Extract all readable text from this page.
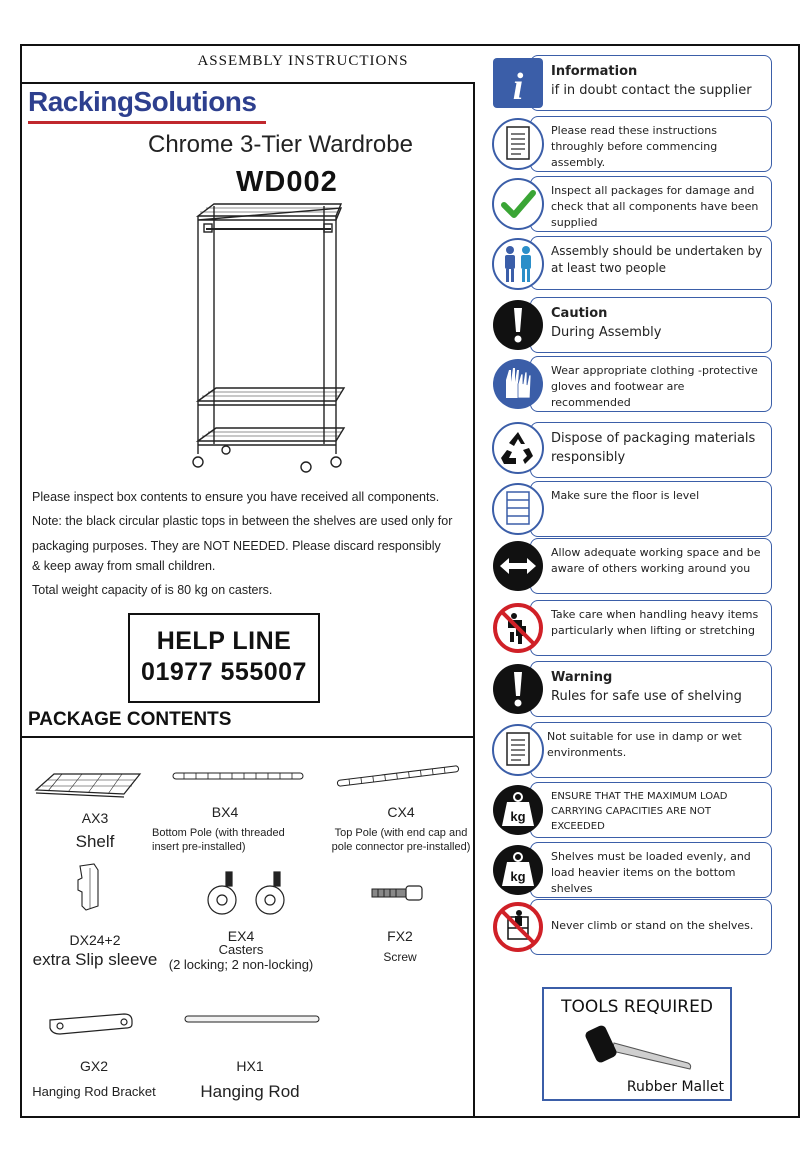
ASSEMBLY INSTRUCTIONS
RackingSolutions
Chrome 3-Tier Wardrobe
WD002

Please inspect box contents to ensure you have received all components.

Note: the black circular plastic tops in between the shelves are used only for

packaging purposes. They are NOT NEEDED. Please discard responsibly

& keep away from small children.

Total weight capacity of is 80 kg on casters.

HELP LINE
01977 555007
PACKAGE CONTENTS
AX3
Shelf
BX4
Bottom Pole (with threaded insert pre-installed)
CX4
Top Pole (with end cap and pole connector pre-installed)
DX24+2
extra Slip sleeve
EX4
Casters
(2 locking; 2 non-locking)
FX2
Screw
GX2
Hanging Rod Bracket
HX1
Hanging Rod
i Information
if in doubt contact the supplier
Please read these instructions throughly before commencing assembly.
Inspect all packages for damage and check that all components have been supplied
Assembly should be undertaken by at least two people
Caution
During Assembly
Wear appropriate clothing -protective gloves and footwear are recommended
Dispose of packaging materials responsibly
Make sure the floor is level
Allow adequate working space and be aware of others working around you
Take care when handling heavy items particularly when lifting or stretching
Warning
Rules for safe use of shelving
Not suitable for use in damp or wet environments.
kg
ENSURE THAT THE MAXIMUM LOAD CARRYING CAPACITIES ARE NOT EXCEEDED
kg
Shelves must be loaded evenly, and load heavier items on the bottom shelves
Never climb or stand on the shelves.
TOOLS REQUIRED
Rubber Mallet
